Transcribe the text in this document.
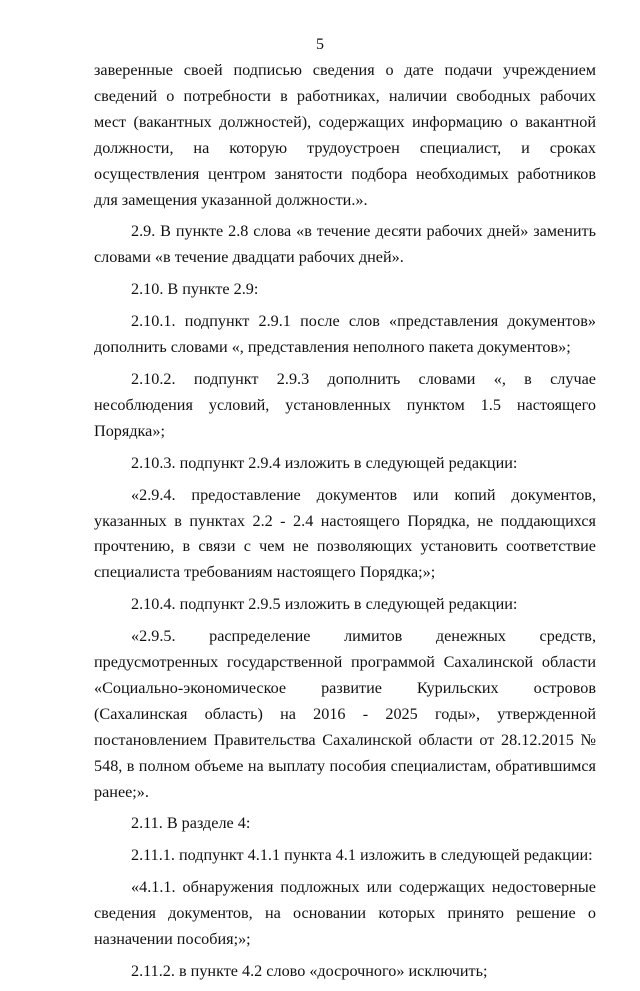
5

заверенные своей подписью сведения о дате подачи учреждением сведений о потребности в работниках, наличии свободных рабочих мест (вакантных должностей), содержащих информацию о вакантной должности, на которую трудоустроен специалист, и сроках осуществления центром занятости подбора необходимых работников для замещения указанной должности.».

2.9. В пункте 2.8 слова «в течение десяти рабочих дней» заменить словами «в течение двадцати рабочих дней».

2.10. В пункте 2.9:

2.10.1. подпункт 2.9.1 после слов «представления документов» дополнить словами «, представления неполного пакета документов»;

2.10.2. подпункт 2.9.3 дополнить словами «, в случае несоблюдения условий, установленных пунктом 1.5 настоящего Порядка»;

2.10.3. подпункт 2.9.4 изложить в следующей редакции:

«2.9.4. предоставление документов или копий документов, указанных в пунктах 2.2 - 2.4 настоящего Порядка, не поддающихся прочтению, в связи с чем не позволяющих установить соответствие специалиста требованиям настоящего Порядка;»;

2.10.4. подпункт 2.9.5 изложить в следующей редакции:

«2.9.5. распределение лимитов денежных средств, предусмотренных государственной программой Сахалинской области «Социально-экономическое развитие Курильских островов (Сахалинская область) на 2016 - 2025 годы», утвержденной постановлением Правительства Сахалинской области от 28.12.2015 № 548, в полном объеме на выплату пособия специалистам, обратившимся ранее;».

2.11. В разделе 4:

2.11.1. подпункт 4.1.1 пункта 4.1 изложить в следующей редакции:

«4.1.1. обнаружения подложных или содержащих недостоверные сведения документов, на основании которых принято решение о назначении пособия;»;

2.11.2. в пункте 4.2 слово «досрочного» исключить;
